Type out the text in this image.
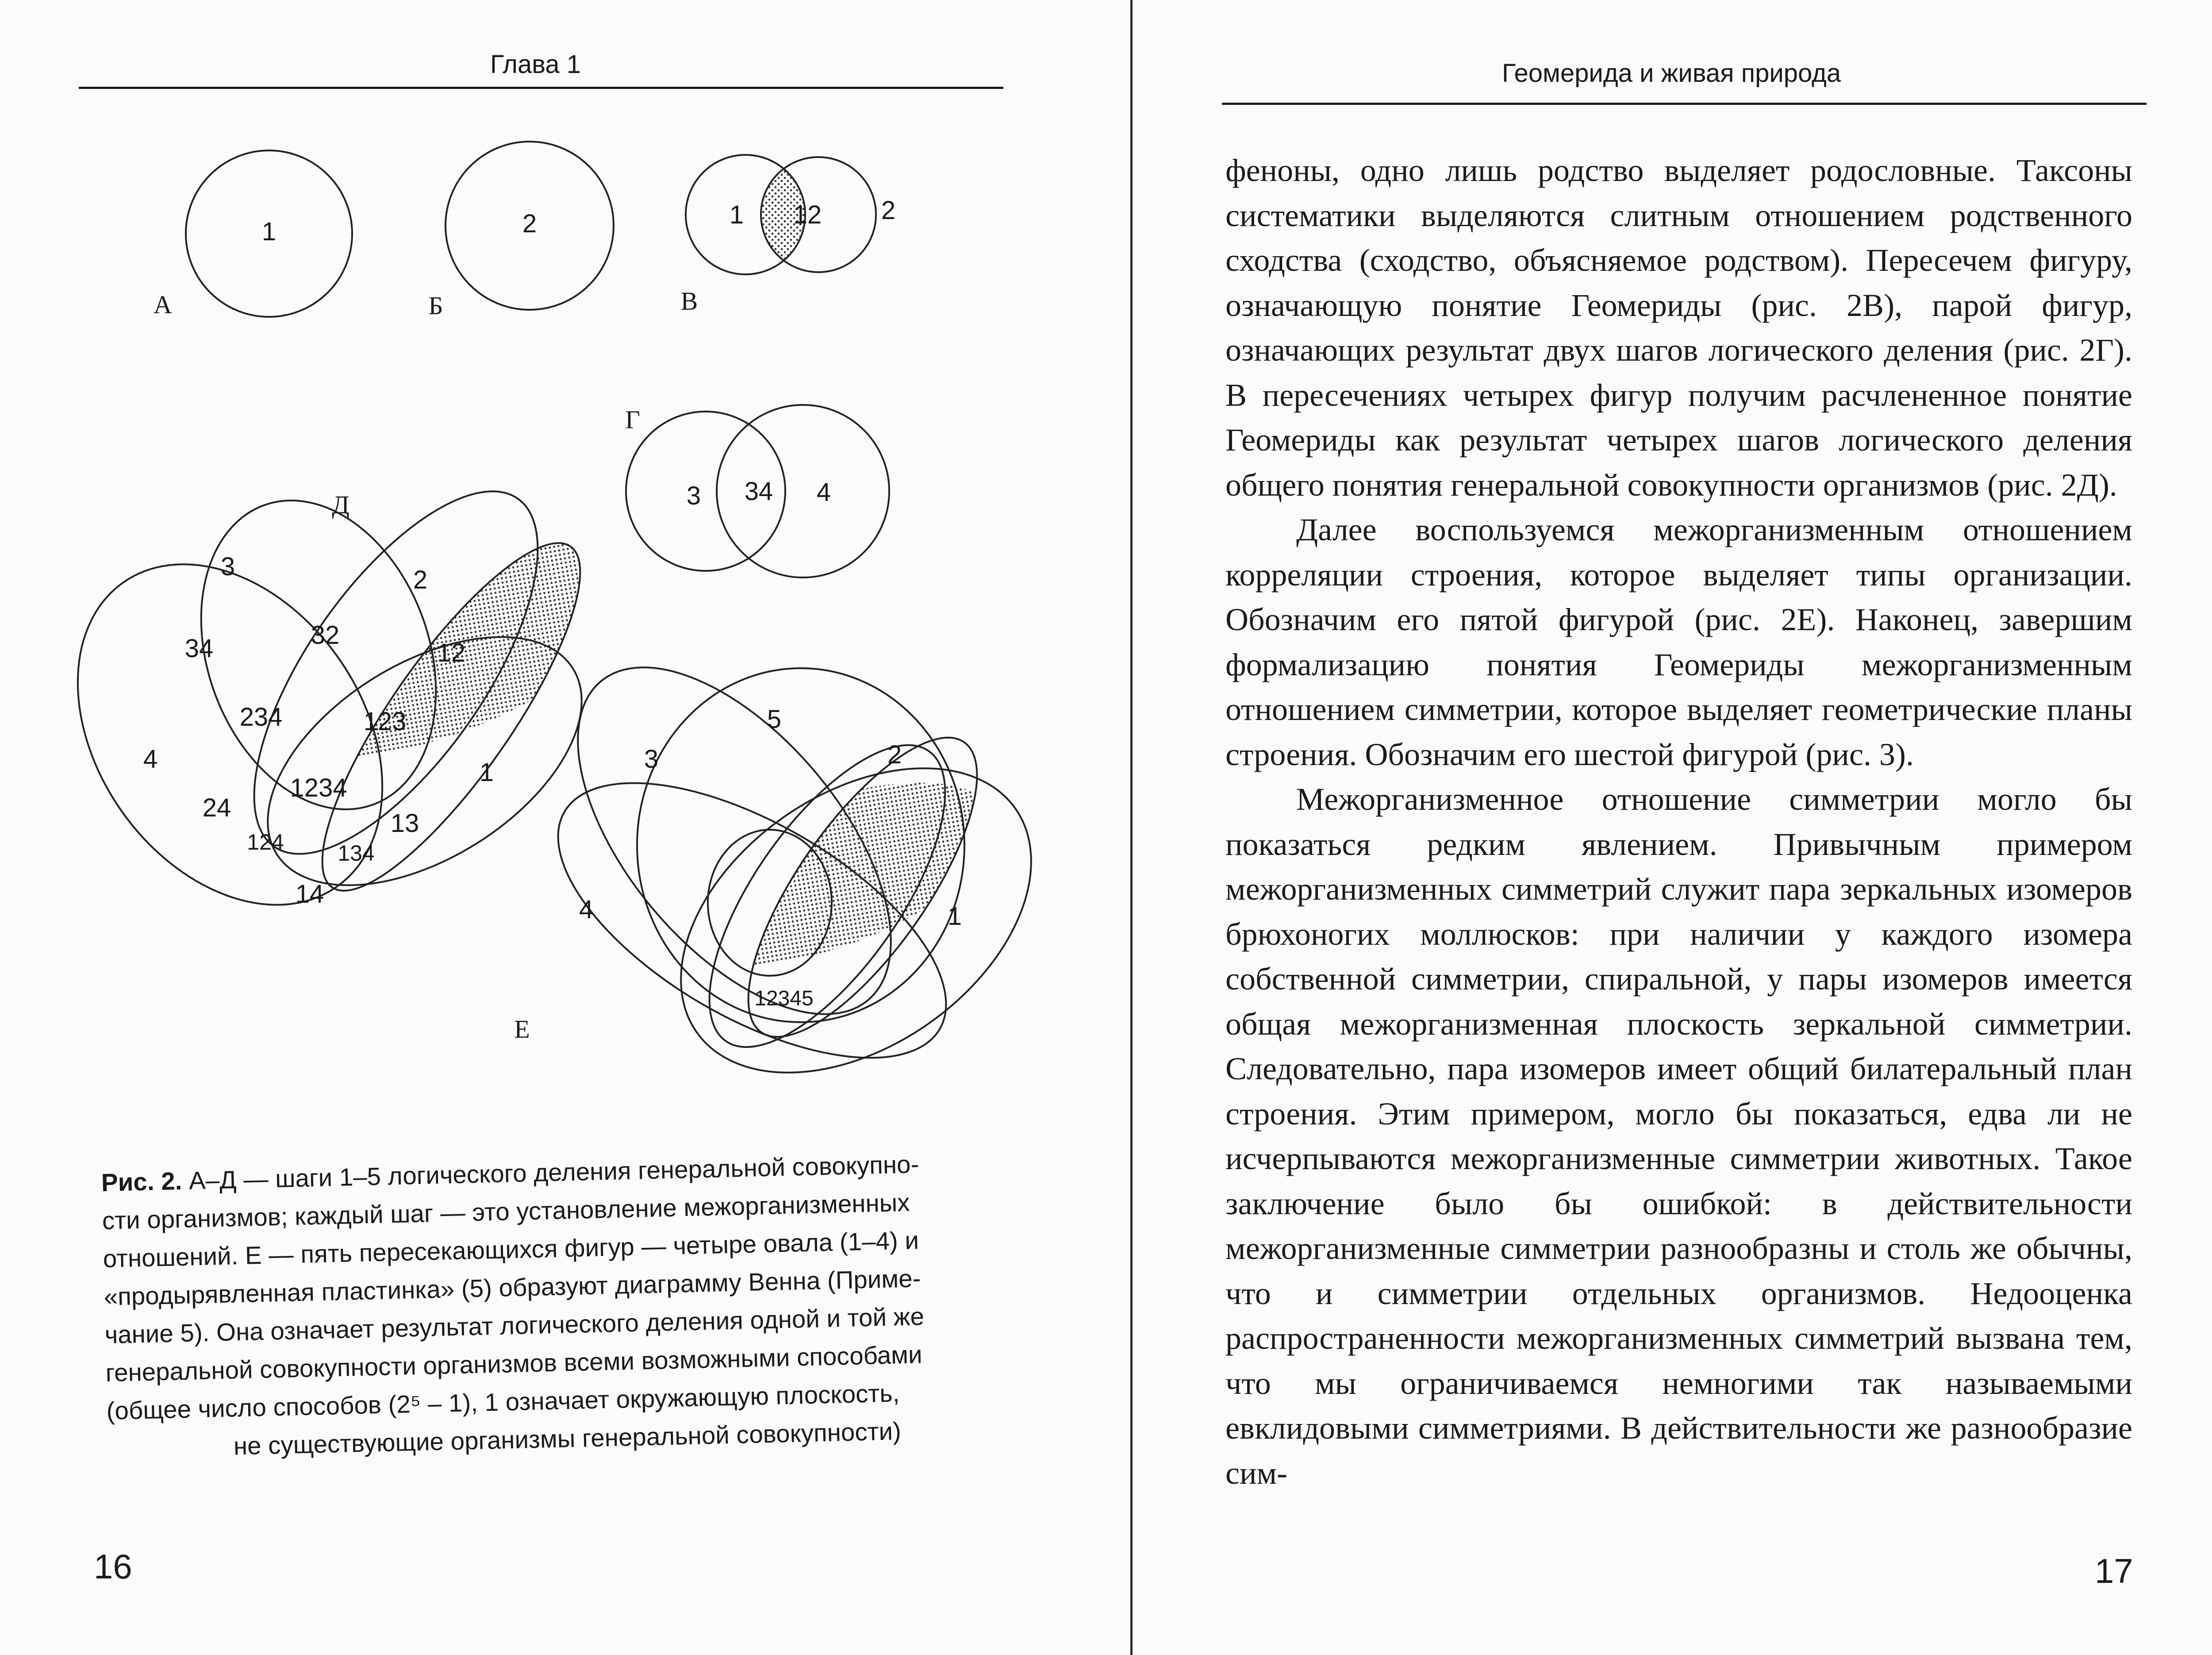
Глава 1
1
А
2
Б
1 12 2
В
Г
3 34 4
Д
3	2
34	32
12
234	123
4
1234
1
24
13
124 134
14
3
5
2
4	1
12345
Е
Рис. 2. А–Д — шаги 1–5 логического деления генеральной совокупно-
сти организмов; каждый шаг — это установление межорганизменных
отношений. Е — пять пересекающихся фигур — четыре овала (1–4) и
«продырявленная пластинка» (5) образуют диаграмму Венна (Приме-
чание 5). Она означает результат логического деления одной и той же
генеральной совокупности организмов всеми возможными способами
(общее число способов (2⁵ – 1), 1 означает окружающую плоскость,
не существующие организмы генеральной совокупности)
16
Геомерида и живая природа

феноны, одно лишь родство выделяет родословные. Таксоны систематики выделяются слитным отношением родственного сходства (сходство, объясняемое родством). Пересечем фигуру, означающую понятие Геомериды (рис. 2В), парой фигур, означающих результат двух шагов логического деления (рис. 2Г). В пересечениях четырех фигур получим расчлененное понятие Геомериды как результат четырех шагов логического деления общего понятия генеральной совокупности организмов (рис. 2Д).

Далее воспользуемся межорганизменным отношением корреляции строения, которое выделяет типы организации. Обозначим его пятой фигурой (рис. 2Е). Наконец, завершим формализацию понятия Геомериды межорганизменным отношением симметрии, которое выделяет геометрические планы строения. Обозначим его шестой фигурой (рис. 3).

Межорганизменное отношение симметрии могло бы показаться редким явлением. Привычным примером межорганизменных симметрий служит пара зеркальных изомеров брюхоногих моллюсков: при наличии у каждого изомера собственной симметрии, спиральной, у пары изомеров имеется общая межорганизменная плоскость зеркальной симметрии. Следовательно, пара изомеров имеет общий билатеральный план строения. Этим примером, могло бы показаться, едва ли не исчерпываются межорганизменные симметрии животных. Такое заключение было бы ошибкой: в действительности межорганизменные симметрии разнообразны и столь же обычны, что и симметрии отдельных организмов. Недооценка распространенности межорганизменных симметрий вызвана тем, что мы ограничиваемся немногими так называемыми евклидовыми симметриями. В действительности же разнообразие сим-

17
